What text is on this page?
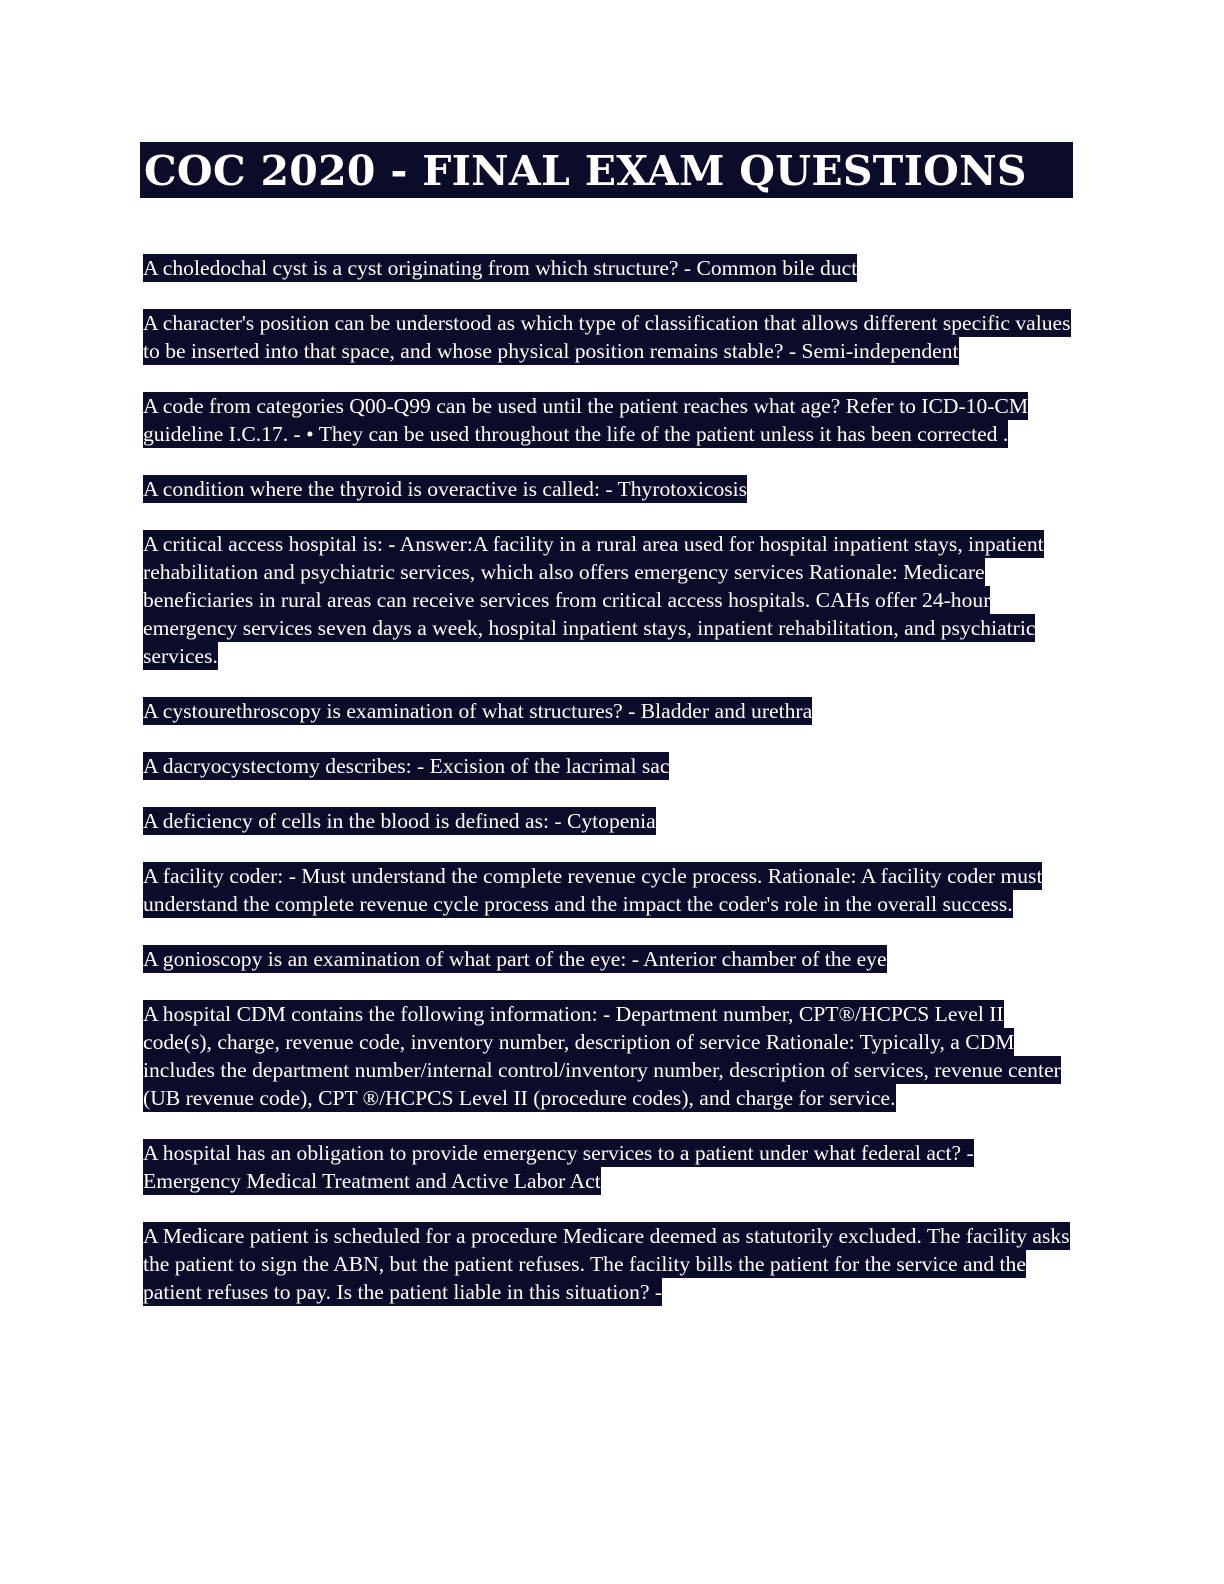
COC 2020 - FINAL EXAM QUESTIONS

A choledochal cyst is a cyst originating from which structure? - Common bile duct

A character's position can be understood as which type of classification that allows different specific values to be inserted into that space, and whose physical position remains stable? - Semi-independent

A code from categories Q00-Q99 can be used until the patient reaches what age? Refer to ICD-10-CM guideline I.C.17. - • They can be used throughout the life of the patient unless it has been corrected .

A condition where the thyroid is overactive is called: - Thyrotoxicosis

A critical access hospital is: - Answer:A facility in a rural area used for hospital inpatient stays, inpatient rehabilitation and psychiatric services, which also offers emergency services Rationale: Medicare beneficiaries in rural areas can receive services from critical access hospitals. CAHs offer 24-hour emergency services seven days a week, hospital inpatient stays, inpatient rehabilitation, and psychiatric services.

A cystourethroscopy is examination of what structures? - Bladder and urethra

A dacryocystectomy describes: - Excision of the lacrimal sac

A deficiency of cells in the blood is defined as: - Cytopenia

A facility coder: - Must understand the complete revenue cycle process. Rationale: A facility coder must understand the complete revenue cycle process and the impact the coder's role in the overall success.

A gonioscopy is an examination of what part of the eye: - Anterior chamber of the eye

A hospital CDM contains the following information: - Department number, CPT®/HCPCS Level II code(s), charge, revenue code, inventory number, description of service Rationale: Typically, a CDM includes the department number/internal control/inventory number, description of services, revenue center (UB revenue code), CPT ®/HCPCS Level II (procedure codes), and charge for service.

A hospital has an obligation to provide emergency services to a patient under what federal act? - Emergency Medical Treatment and Active Labor Act

A Medicare patient is scheduled for a procedure Medicare deemed as statutorily excluded. The facility asks the patient to sign the ABN, but the patient refuses. The facility bills the patient for the service and the patient refuses to pay. Is the patient liable in this situation? -
